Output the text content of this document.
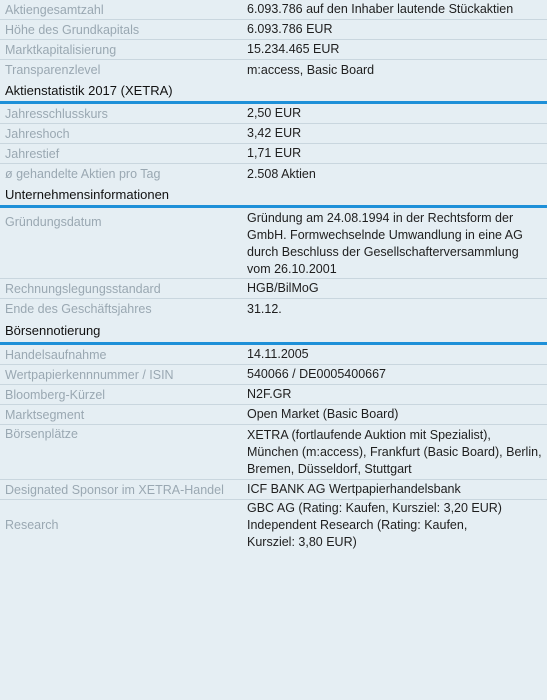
Aktiengesamtzahl	6.093.786 auf den Inhaber lautende Stückaktien
Höhe des Grundkapitals	6.093.786 EUR
Marktkapitalisierung	15.234.465 EUR
Transparenzlevel	m:access, Basic Board
Aktienstatistik 2017 (XETRA)
Jahresschlusskurs	2,50 EUR
Jahreshoch	3,42 EUR
Jahrestief	1,71 EUR
ø gehandelte Aktien pro Tag	2.508 Aktien
Unternehmensinformationen
Gründungsdatum	Gründung am 24.08.1994 in der Rechtsform der
GmbH. Formwechselnde Umwandlung in eine AG
durch Beschluss der Gesellschafterversammlung
vom 26.10.2001
Rechnungslegungsstandard	HGB/BilMoG
Ende des Geschäftsjahres	31.12.
Börsennotierung
Handelsaufnahme	14.11.2005
Wertpapierkennnummer / ISIN	540066 / DE0005400667
Bloomberg-Kürzel	N2F.GR
Marktsegment	Open Market (Basic Board)
Börsenplätze	XETRA (fortlaufende Auktion mit Spezialist),
München (m:access), Frankfurt (Basic Board), Berlin,
Bremen, Düsseldorf, Stuttgart
Designated Sponsor im XETRA-Handel	ICF BANK AG Wertpapierhandelsbank
Research
GBC AG (Rating: Kaufen, Kursziel: 3,20 EUR)
Independent Research (Rating: Kaufen,
Kursziel: 3,80 EUR)
